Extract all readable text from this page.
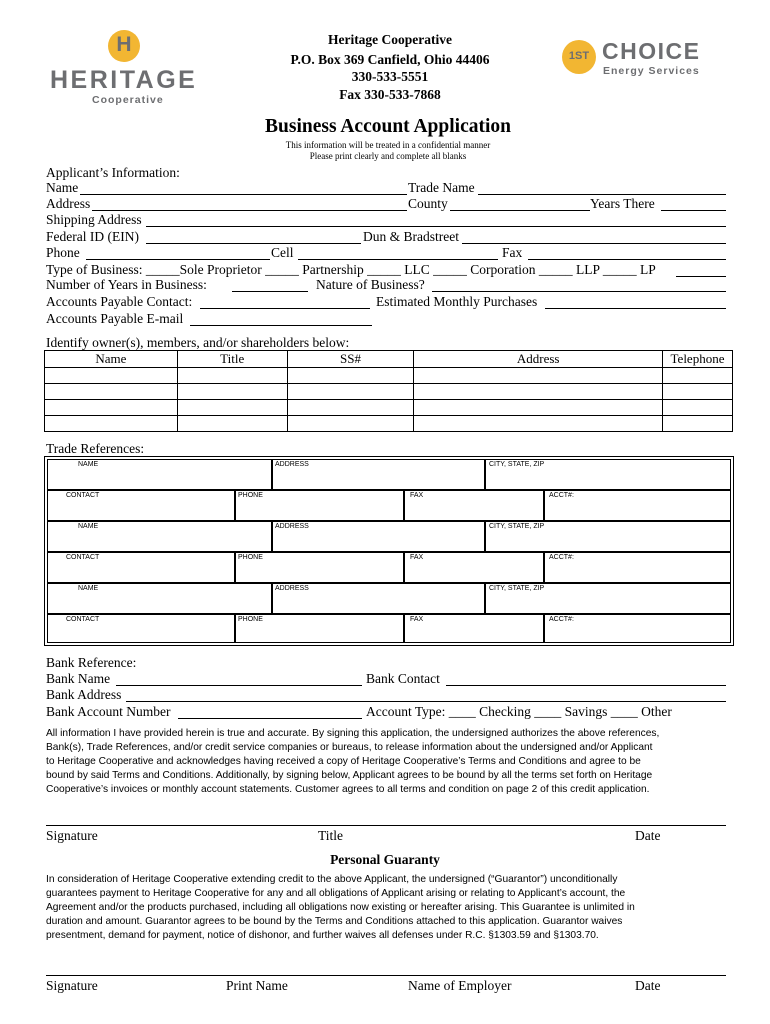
H
HERITAGE
Cooperative
Heritage Cooperative
P.O. Box 369 Canfield, Ohio 44406
330-533-5551
Fax 330-533-7868
1ST CHOICE
Energy Services
Business Account Application
This information will be treated in a confidential manner
Please print clearly and complete all blanks
Applicant’s Information:
Name	Trade Name
Address	County	Years There
Shipping Address
Federal ID (EIN)	Dun & Bradstreet
Phone	Cell	Fax
Type of Business: _____Sole Proprietor _____ Partnership _____ LLC _____ Corporation _____ LLP _____ LP
Number of Years in Business:	Nature of Business?
Accounts Payable Contact:	Estimated Monthly Purchases
Accounts Payable E-mail
Identify owner(s), members, and/or shareholders below:
Name	Title	SS#	Address	Telephone

Trade References:
NAME	ADDRESS	CITY, STATE, ZIP
CONTACT	PHONE	FAX	ACCT#:
NAME	ADDRESS	CITY, STATE, ZIP
CONTACT	PHONE	FAX	ACCT#:
NAME	ADDRESS	CITY, STATE, ZIP
CONTACT	PHONE	FAX	ACCT#:
Bank Reference:
Bank Name	Bank Contact
Bank Address
Bank Account Number	Account Type: ____ Checking ____ Savings ____ Other
All information I have provided herein is true and accurate. By signing this application, the undersigned authorizes the above references,
Bank(s), Trade References, and/or credit service companies or bureaus, to release information about the undersigned and/or Applicant
to Heritage Cooperative and acknowledges having received a copy of Heritage Cooperative’s Terms and Conditions and agree to be
bound by said Terms and Conditions. Additionally, by signing below, Applicant agrees to be bound by all the terms set forth on Heritage
Cooperative’s invoices or monthly account statements. Customer agrees to all terms and condition on page 2 of this credit application.
Signature	Title	Date
Personal Guaranty
In consideration of Heritage Cooperative extending credit to the above Applicant, the undersigned (“Guarantor”) unconditionally
guarantees payment to Heritage Cooperative for any and all obligations of Applicant arising or relating to Applicant’s account, the
Agreement and/or the products purchased, including all obligations now existing or hereafter arising. This Guarantee is unlimited in
duration and amount. Guarantor agrees to be bound by the Terms and Conditions attached to this application. Guarantor waives
presentment, demand for payment, notice of dishonor, and further waives all defenses under R.C. §1303.59 and §1303.70.
Signature	Print Name	Name of Employer	Date
